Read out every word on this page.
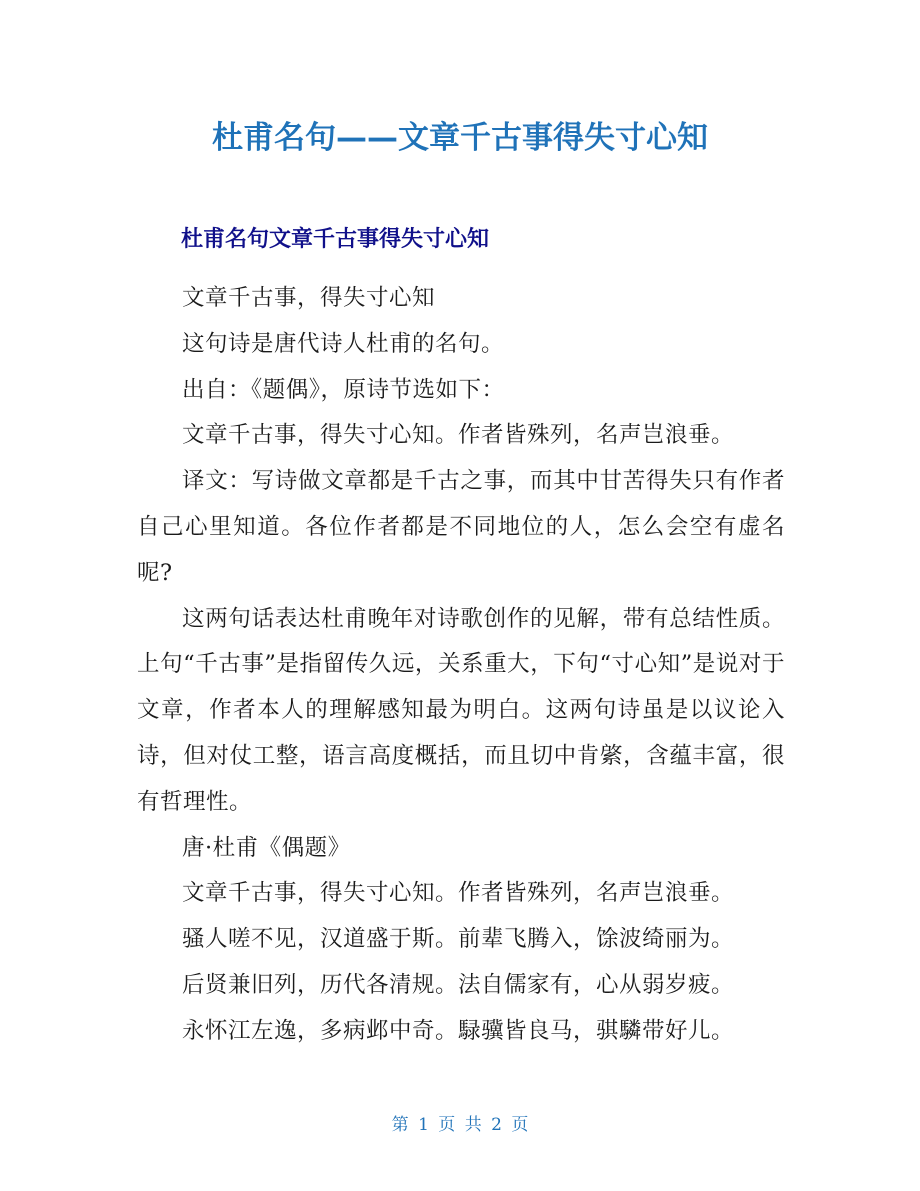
杜甫名句——文章千古事得失寸心知
杜甫名句文章千古事得失寸心知

文章千古事，得失寸心知

这句诗是唐代诗人杜甫的名句。

出自：《题偶》，原诗节选如下：

文章千古事，得失寸心知。作者皆殊列，名声岂浪垂。

译文：写诗做文章都是千古之事，而其中甘苦得失只有作者自己心里知道。各位作者都是不同地位的人，怎么会空有虚名呢?

这两句话表达杜甫晚年对诗歌创作的见解，带有总结性质。上句“千古事”是指留传久远，关系重大，下句“寸心知”是说对于文章，作者本人的理解感知最为明白。这两句诗虽是以议论入诗，但对仗工整，语言高度概括，而且切中肯綮，含蕴丰富，很有哲理性。

唐·杜甫《偶题》

文章千古事，得失寸心知。作者皆殊列，名声岂浪垂。

骚人嗟不见，汉道盛于斯。前辈飞腾入，馀波绮丽为。

后贤兼旧列，历代各清规。法自儒家有，心从弱岁疲。

永怀江左逸，多病邺中奇。騄骥皆良马，骐驎带好儿。

第 1 页 共 2 页
